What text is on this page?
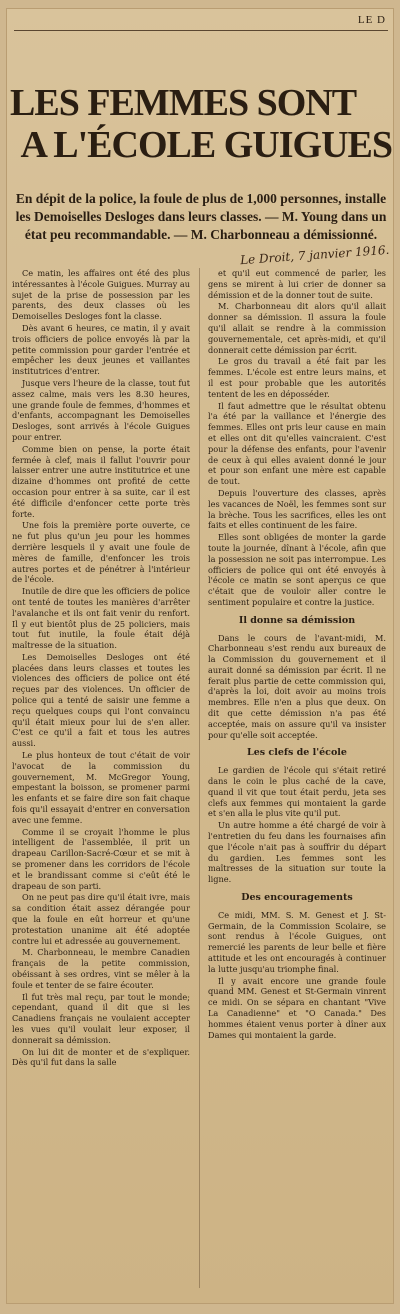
LE D
LES FEMMES SONT
A L'ÉCOLE GUIGUES

En dépit de la police, la foule de plus de 1,000 personnes, installe les Demoiselles Desloges dans leurs classes. — M. Young dans un état peu recommandable. — M. Charbonneau a démissionné.

Le Droit, 7 janvier 1916.

Ce matin, les affaires ont été des plus intéressantes à l'école Guigues. Murray au sujet de la prise de possession par les parents, des deux classes où les Demoiselles Desloges font la classe.

Dès avant 6 heures, ce matin, il y avait trois officiers de police envoyés là par la petite commission pour garder l'entrée et empêcher les deux jeunes et vaillantes institutrices d'entrer.

Jusque vers l'heure de la classe, tout fut assez calme, mais vers les 8.30 heures, une grande foule de femmes, d'hommes et d'enfants, accompagnant les Demoiselles Desloges, sont arrivés à l'école Guigues pour entrer.

Comme bien on pense, la porte était fermée à clef, mais il fallut l'ouvrir pour laisser entrer une autre institutrice et une dizaine d'hommes ont profité de cette occasion pour entrer à sa suite, car il est été difficile d'enfoncer cette porte très forte.

Une fois la première porte ouverte, ce ne fut plus qu'un jeu pour les hommes derrière lesquels il y avait une foule de mères de famille, d'enfoncer les trois autres portes et de pénétrer à l'intérieur de l'école.

Inutile de dire que les officiers de police ont tenté de toutes les manières d'arrêter l'avalanche et ils ont fait venir du renfort. Il y eut bientôt plus de 25 policiers, mais tout fut inutile, la foule était déjà maîtresse de la situation.

Les Demoiselles Desloges ont été placées dans leurs classes et toutes les violences des officiers de police ont été reçues par des violences. Un officier de police qui a tenté de saisir une femme a reçu quelques coups qui l'ont convaincu qu'il était mieux pour lui de s'en aller. C'est ce qu'il a fait et tous les autres aussi.

Le plus honteux de tout c'était de voir l'avocat de la commission du gouvernement, M. McGregor Young, empestant la boisson, se promener parmi les enfants et se faire dire son fait chaque fois qu'il essayait d'entrer en conversation avec une femme.

Comme il se croyait l'homme le plus intelligent de l'assemblée, il prit un drapeau Carillon-Sacré-Cœur et se mit à se promener dans les corridors de l'école et le brandissant comme si c'eût été le drapeau de son parti.

On ne peut pas dire qu'il était ivre, mais sa condition était assez dérangée pour que la foule en eût horreur et qu'une protestation unanime ait été adoptée contre lui et adressée au gouvernement.

M. Charbonneau, le membre Canadien français de la petite commission, obéissant à ses ordres, vint se mêler à la foule et tenter de se faire écouter.

Il fut très mal reçu, par tout le monde; cependant, quand il dit que si les Canadiens français ne voulaient accepter les vues qu'il voulait leur exposer, il donnerait sa démission.

On lui dit de monter et de s'expliquer. Dès qu'il fut dans la salle

et qu'il eut commencé de parler, les gens se mirent à lui crier de donner sa démission et de la donner tout de suite.

M. Charbonneau dit alors qu'il allait donner sa démission. Il assura la foule qu'il allait se rendre à la commission gouvernementale, cet après-midi, et qu'il donnerait cette démission par écrit.

Le gros du travail a été fait par les femmes. L'école est entre leurs mains, et il est pour probable que les autorités tentent de les en déposséder.

Il faut admettre que le résultat obtenu l'a été par la vaillance et l'énergie des femmes. Elles ont pris leur cause en main et elles ont dit qu'elles vaincraient. C'est pour la défense des enfants, pour l'avenir de ceux à qui elles avaient donné le jour et pour son enfant une mère est capable de tout.

Depuis l'ouverture des classes, après les vacances de Noël, les femmes sont sur la brèche. Tous les sacrifices, elles les ont faits et elles continuent de les faire.

Elles sont obligées de monter la garde toute la journée, dînant à l'école, afin que la possession ne soit pas interrompue. Les officiers de police qui ont été envoyés à l'école ce matin se sont aperçus ce que c'était que de vouloir aller contre le sentiment populaire et contre la justice.

Il donne sa démission

Dans le cours de l'avant-midi, M. Charbonneau s'est rendu aux bureaux de la Commission du gouvernement et il aurait donné sa démission par écrit. Il ne ferait plus partie de cette commission qui, d'après la loi, doit avoir au moins trois membres. Elle n'en a plus que deux. On dit que cette démission n'a pas été acceptée, mais on assure qu'il va insister pour qu'elle soit acceptée.

Les clefs de l'école

Le gardien de l'école qui s'était retiré dans le coin le plus caché de la cave, quand il vit que tout était perdu, jeta ses clefs aux femmes qui montaient la garde et s'en alla le plus vite qu'il put.

Un autre homme a été chargé de voir à l'entretien du feu dans les fournaises afin que l'école n'ait pas à souffrir du départ du gardien. Les femmes sont les maîtresses de la situation sur toute la ligne.

Des encouragements

Ce midi, MM. S. M. Genest et J. St-Germain, de la Commission Scolaire, se sont rendus à l'école Guigues, ont remercié les parents de leur belle et fière attitude et les ont encouragés à continuer la lutte jusqu'au triomphe final.

Il y avait encore une grande foule quand MM. Genest et St-Germain vinrent ce midi. On se sépara en chantant "Vive La Canadienne" et "O Canada." Des hommes étaient venus porter à dîner aux Dames qui montaient la garde.
